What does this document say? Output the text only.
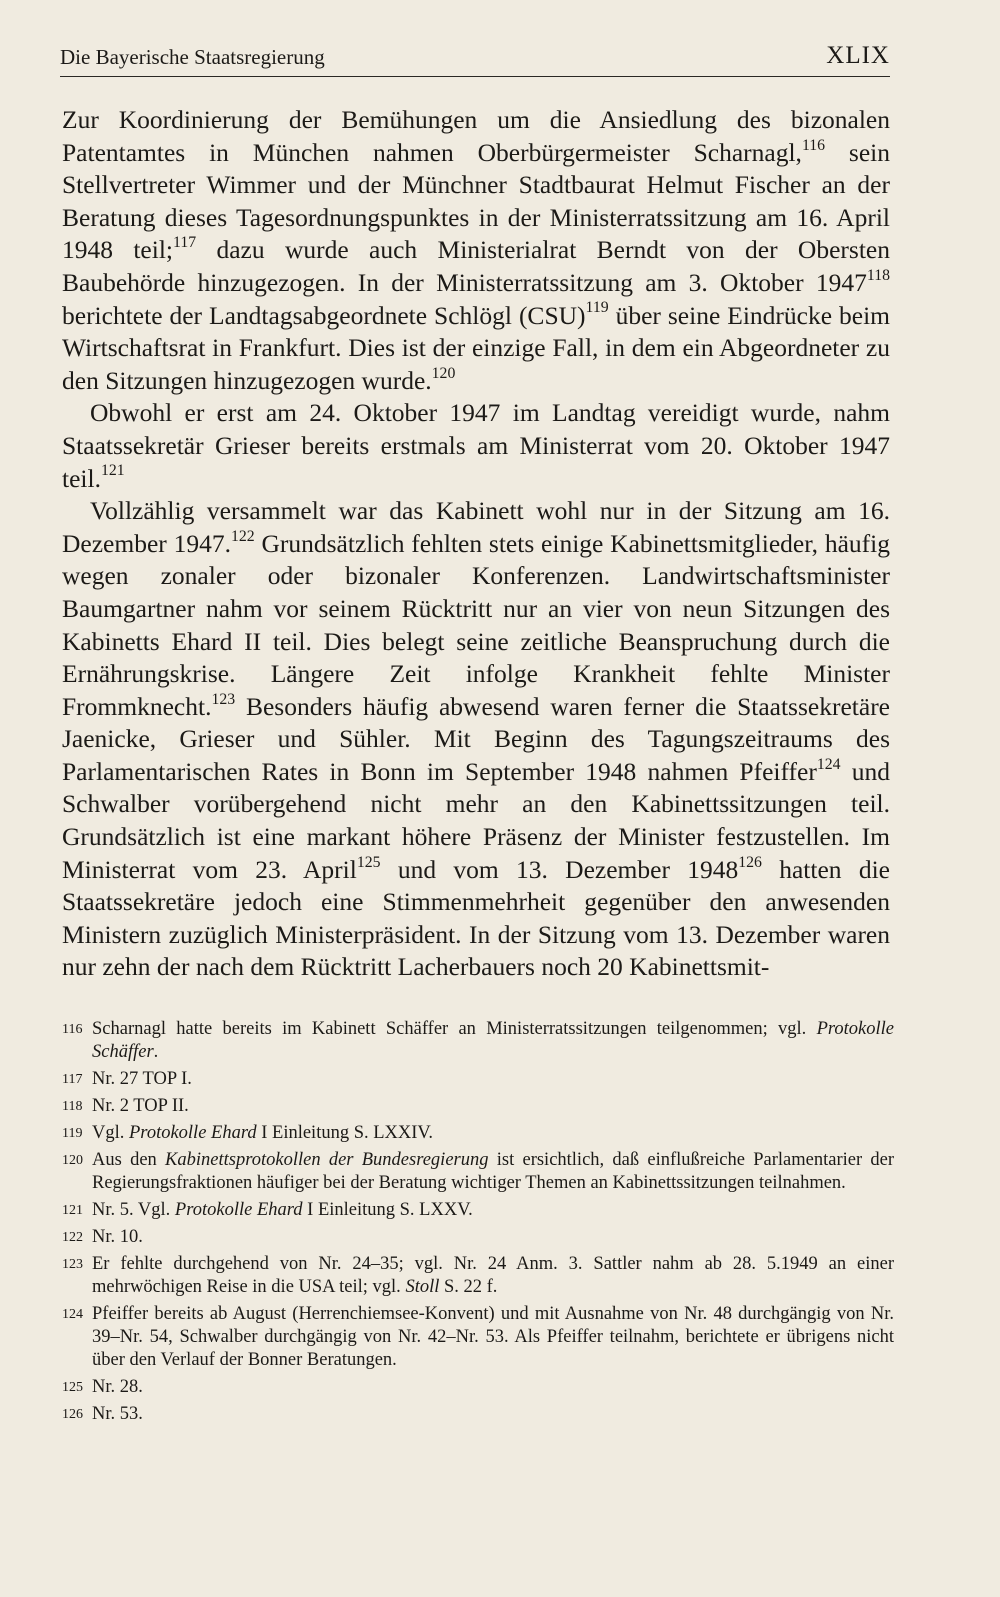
Die Bayerische Staatsregierung	XLIX

Zur Koordinierung der Bemühungen um die Ansiedlung des bizonalen Patentamtes in München nahmen Oberbürgermeister Scharnagl,$^{116}$ sein Stellvertreter Wimmer und der Münchner Stadtbaurat Helmut Fischer an der Beratung dieses Tagesordnungspunktes in der Ministerratssitzung am 16. April 1948 teil;$^{117}$ dazu wurde auch Ministerialrat Berndt von der Obersten Baubehörde hinzugezogen. In der Ministerratssitzung am 3. Oktober 1947$^{118}$ berichtete der Landtagsabgeordnete Schlögl (CSU)$^{119}$ über seine Eindrücke beim Wirtschaftsrat in Frankfurt. Dies ist der einzige Fall, in dem ein Abgeordneter zu den Sitzungen hinzugezogen wurde.$^{120}$

Obwohl er erst am 24. Oktober 1947 im Landtag vereidigt wurde, nahm Staatssekretär Grieser bereits erstmals am Ministerrat vom 20. Oktober 1947 teil.$^{121}$

Vollzählig versammelt war das Kabinett wohl nur in der Sitzung am 16. Dezember 1947.$^{122}$ Grundsätzlich fehlten stets einige Kabinettsmitglieder, häufig wegen zonaler oder bizonaler Konferenzen. Landwirtschaftsminister Baumgartner nahm vor seinem Rücktritt nur an vier von neun Sitzungen des Kabinetts Ehard II teil. Dies belegt seine zeitliche Beanspruchung durch die Ernährungskrise. Längere Zeit infolge Krankheit fehlte Minister Frommknecht.$^{123}$ Besonders häufig abwesend waren ferner die Staatssekretäre Jaenicke, Grieser und Sühler. Mit Beginn des Tagungszeitraums des Parlamentarischen Rates in Bonn im September 1948 nahmen Pfeiffer$^{124}$ und Schwalber vorübergehend nicht mehr an den Kabinettssitzungen teil. Grundsätzlich ist eine markant höhere Präsenz der Minister festzustellen. Im Ministerrat vom 23. April$^{125}$ und vom 13. Dezember 1948$^{126}$ hatten die Staatssekretäre jedoch eine Stimmenmehrheit gegenüber den anwesenden Ministern zuzüglich Ministerpräsident. In der Sitzung vom 13. Dezember waren nur zehn der nach dem Rücktritt Lacherbauers noch 20 Kabinettsmit-

116 Scharnagl hatte bereits im Kabinett Schäffer an Ministerratssitzungen teilgenommen; vgl. Protokolle Schäffer.
117 Nr. 27 TOP I.
118 Nr. 2 TOP II.
119 Vgl. Protokolle Ehard I Einleitung S. LXXIV.
120 Aus den Kabinettsprotokollen der Bundesregierung ist ersichtlich, daß einflußreiche Parlamentarier der Regierungsfraktionen häufiger bei der Beratung wichtiger Themen an Kabinettssitzungen teilnahmen.
121 Nr. 5. Vgl. Protokolle Ehard I Einleitung S. LXXV.
122 Nr. 10.
123 Er fehlte durchgehend von Nr. 24–35; vgl. Nr. 24 Anm. 3. Sattler nahm ab 28. 5.1949 an einer mehrwöchigen Reise in die USA teil; vgl. Stoll S. 22 f.
124 Pfeiffer bereits ab August (Herrenchiemsee-Konvent) und mit Ausnahme von Nr. 48 durchgängig von Nr. 39–Nr. 54, Schwalber durchgängig von Nr. 42–Nr. 53. Als Pfeiffer teilnahm, berichtete er übrigens nicht über den Verlauf der Bonner Beratungen.
125 Nr. 28.
126 Nr. 53.
